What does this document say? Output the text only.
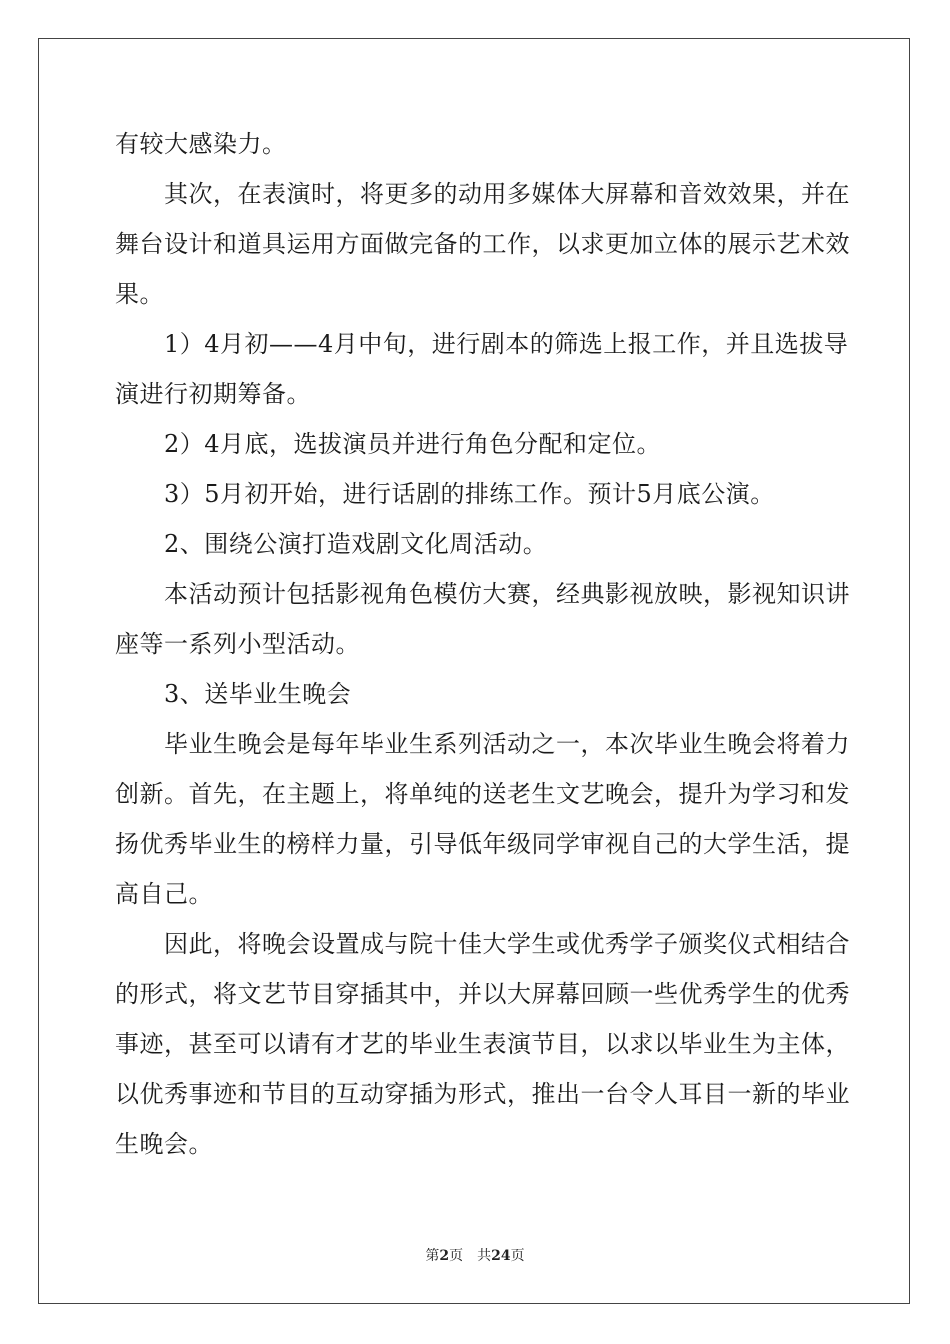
有较大感染力。
　　其次，在表演时，将更多的动用多媒体大屏幕和音效效果，并在
舞台设计和道具运用方面做完备的工作，以求更加立体的展示艺术效
果。
　　1）4月初——4月中旬，进行剧本的筛选上报工作，并且选拔导
演进行初期筹备。
　　2）4月底，选拔演员并进行角色分配和定位。
　　3）5月初开始，进行话剧的排练工作。预计5月底公演。
　　2、围绕公演打造戏剧文化周活动。
　　本活动预计包括影视角色模仿大赛，经典影视放映，影视知识讲
座等一系列小型活动。
　　3、送毕业生晚会
　　毕业生晚会是每年毕业生系列活动之一，本次毕业生晚会将着力
创新。首先，在主题上，将单纯的送老生文艺晚会，提升为学习和发
扬优秀毕业生的榜样力量，引导低年级同学审视自己的大学生活，提
高自己。
　　因此，将晚会设置成与院十佳大学生或优秀学子颁奖仪式相结合
的形式，将文艺节目穿插其中，并以大屏幕回顾一些优秀学生的优秀
事迹，甚至可以请有才艺的毕业生表演节目，以求以毕业生为主体，
以优秀事迹和节目的互动穿插为形式，推出一台令人耳目一新的毕业
生晚会。
第2页 共24页
